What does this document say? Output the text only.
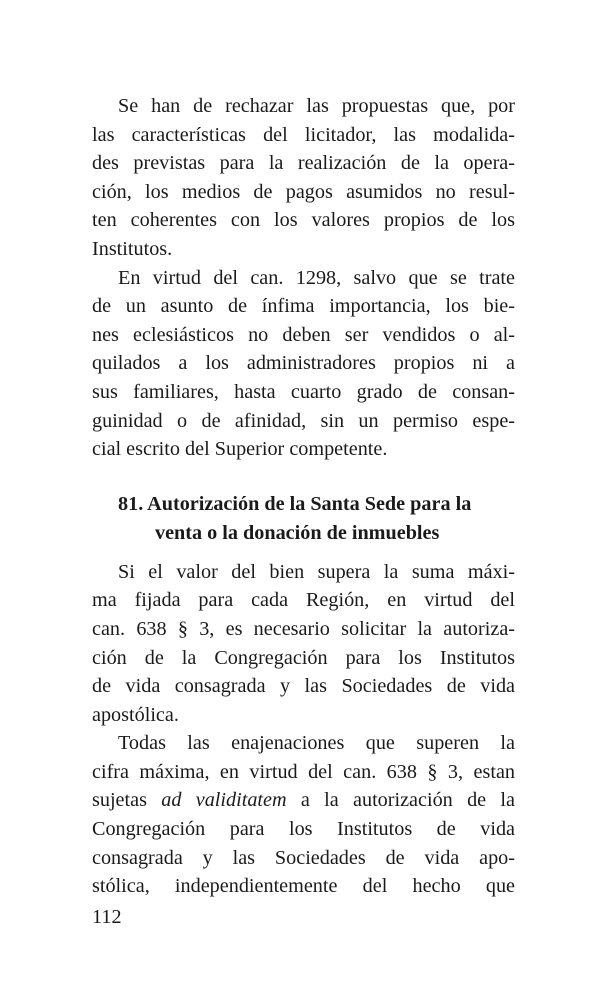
Se han de rechazar las propuestas que, por
las características del licitador, las modalida-
des previstas para la realización de la opera-
ción, los medios de pagos asumidos no resul-
ten coherentes con los valores propios de los
Institutos.

En virtud del can. 1298, salvo que se trate
de un asunto de ínfima importancia, los bie-
nes eclesiásticos no deben ser vendidos o al-
quilados a los administradores propios ni a
sus familiares, hasta cuarto grado de consan-
guinidad o de afinidad, sin un permiso espe-
cial escrito del Superior competente.

81. Autorización de la Santa Sede para la
venta o la donación de inmuebles

Si el valor del bien supera la suma máxi-
ma fijada para cada Región, en virtud del
can. 638 § 3, es necesario solicitar la autoriza-
ción de la Congregación para los Institutos
de vida consagrada y las Sociedades de vida
apostólica.

Todas las enajenaciones que superen la
cifra máxima, en virtud del can. 638 § 3, estan
sujetas ad validitatem a la autorización de la
Congregación para los Institutos de vida
consagrada y las Sociedades de vida apo-
stólica, independientemente del hecho que

112
